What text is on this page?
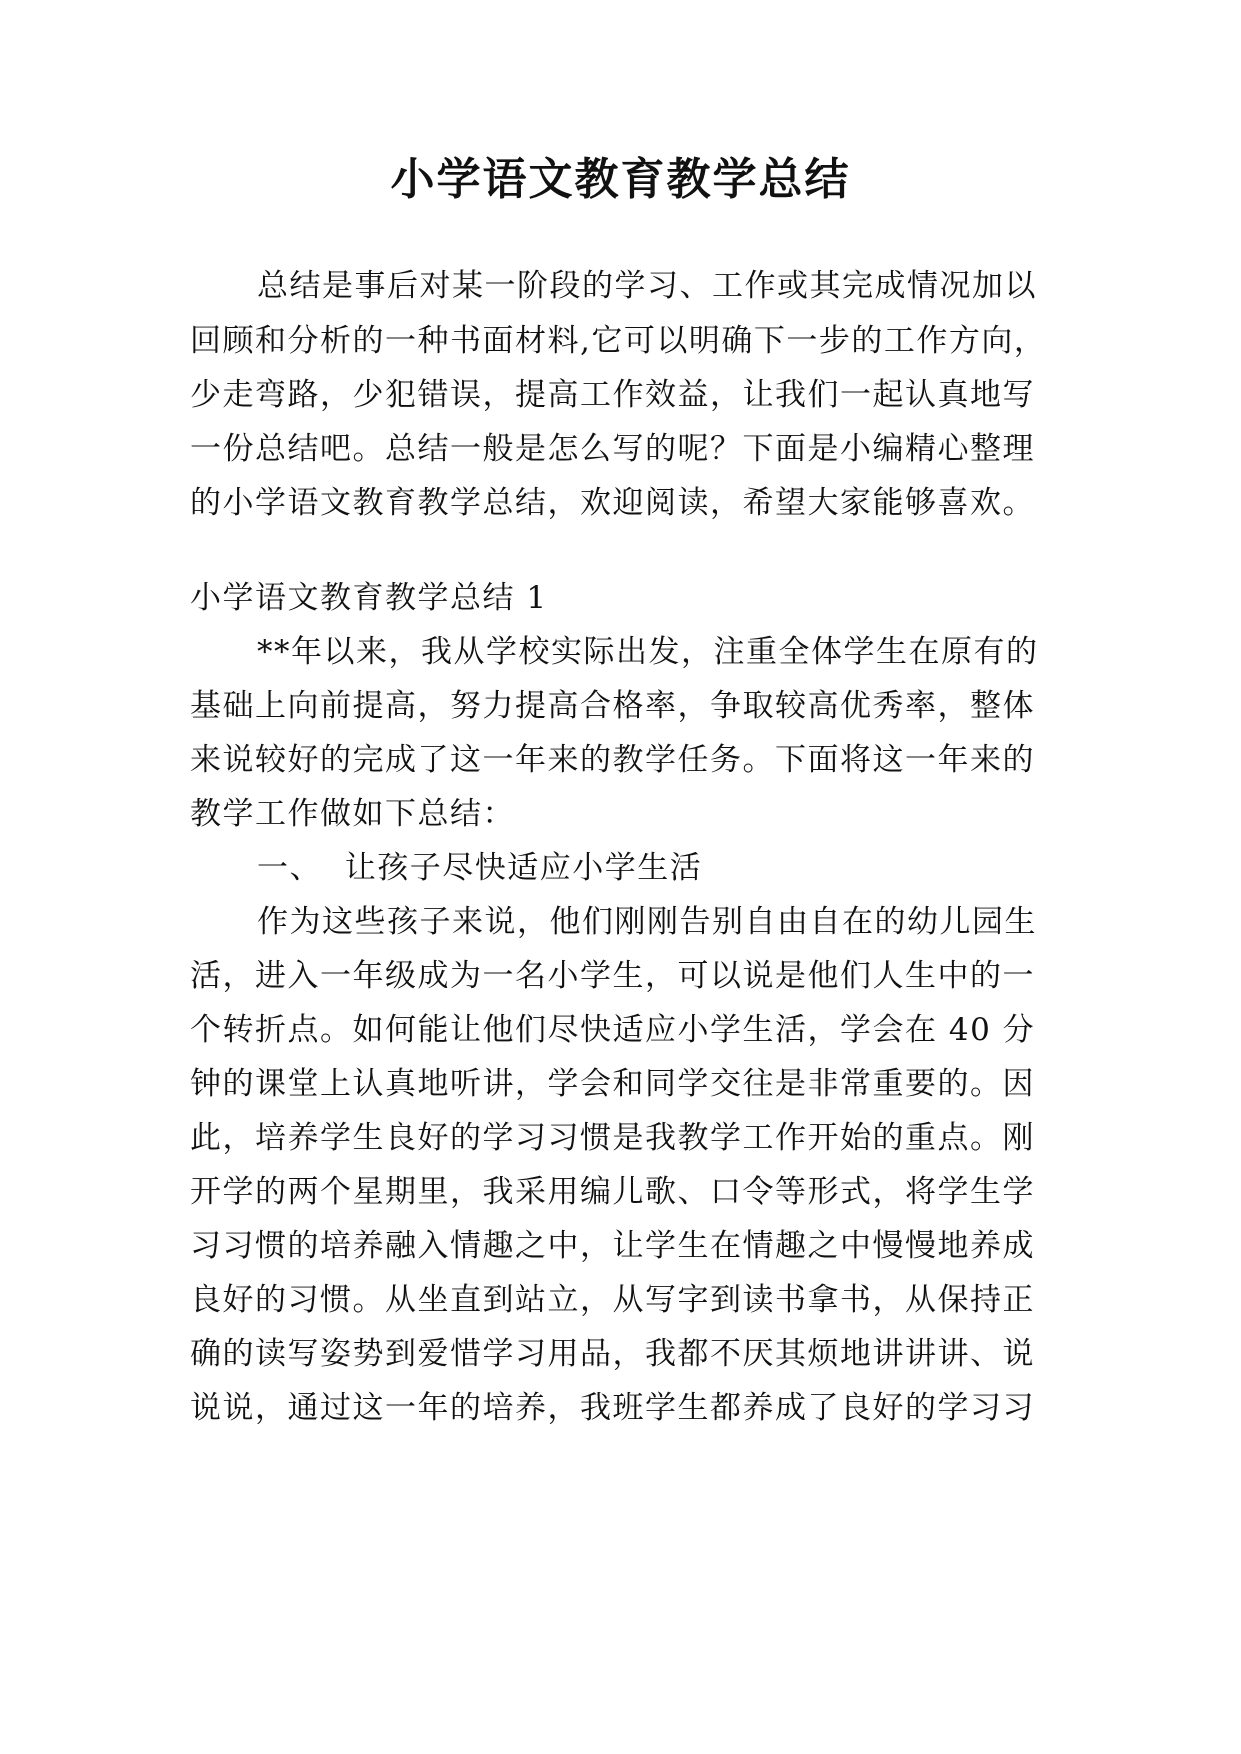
小学语文教育教学总结
总结是事后对某一阶段的学习、工作或其完成情况加以
回顾和分析的一种书面材料,它可以明确下一步的工作方向，
少走弯路，少犯错误，提高工作效益，让我们一起认真地写
一份总结吧。总结一般是怎么写的呢？下面是小编精心整理
的小学语文教育教学总结，欢迎阅读，希望大家能够喜欢。
小学语文教育教学总结 1
**年以来，我从学校实际出发，注重全体学生在原有的
基础上向前提高，努力提高合格率，争取较高优秀率，整体
来说较好的完成了这一年来的教学任务。下面将这一年来的
教学工作做如下总结：
一、  让孩子尽快适应小学生活
作为这些孩子来说，他们刚刚告别自由自在的幼儿园生
活，进入一年级成为一名小学生，可以说是他们人生中的一
个转折点。如何能让他们尽快适应小学生活，学会在 40 分
钟的课堂上认真地听讲，学会和同学交往是非常重要的。因
此，培养学生良好的学习习惯是我教学工作开始的重点。刚
开学的两个星期里，我采用编儿歌、口令等形式，将学生学
习习惯的培养融入情趣之中，让学生在情趣之中慢慢地养成
良好的习惯。从坐直到站立，从写字到读书拿书，从保持正
确的读写姿势到爱惜学习用品，我都不厌其烦地讲讲讲、说
说说，通过这一年的培养，我班学生都养成了良好的学习习
